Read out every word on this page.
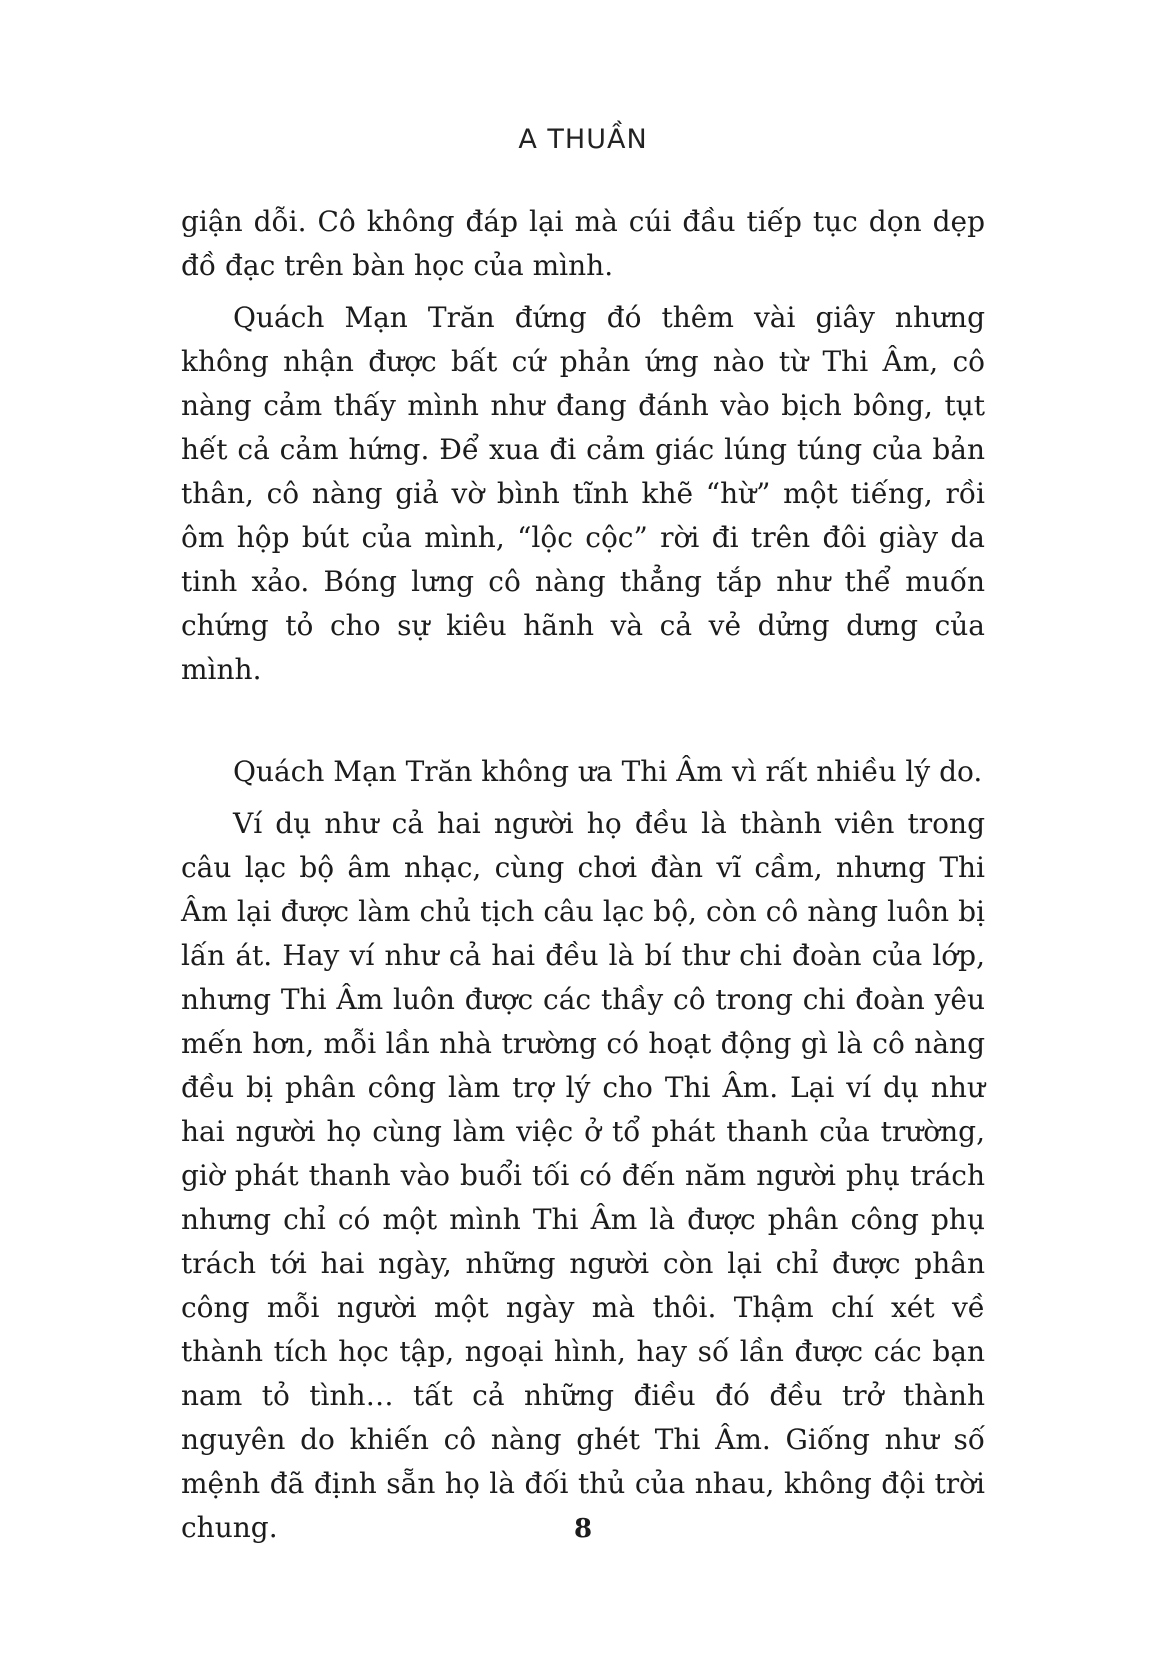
A THUẦN

giận dỗi. Cô không đáp lại mà cúi đầu tiếp tục dọn dẹp đồ đạc trên bàn học của mình.

Quách Mạn Trăn đứng đó thêm vài giây nhưng không nhận được bất cứ phản ứng nào từ Thi Âm, cô nàng cảm thấy mình như đang đánh vào bịch bông, tụt hết cả cảm hứng. Để xua đi cảm giác lúng túng của bản thân, cô nàng giả vờ bình tĩnh khẽ “hừ” một tiếng, rồi ôm hộp bút của mình, “lộc cộc” rời đi trên đôi giày da tinh xảo. Bóng lưng cô nàng thẳng tắp như thể muốn chứng tỏ cho sự kiêu hãnh và cả vẻ dửng dưng của mình.

Quách Mạn Trăn không ưa Thi Âm vì rất nhiều lý do.

Ví dụ như cả hai người họ đều là thành viên trong câu lạc bộ âm nhạc, cùng chơi đàn vĩ cầm, nhưng Thi Âm lại được làm chủ tịch câu lạc bộ, còn cô nàng luôn bị lấn át. Hay ví như cả hai đều là bí thư chi đoàn của lớp, nhưng Thi Âm luôn được các thầy cô trong chi đoàn yêu mến hơn, mỗi lần nhà trường có hoạt động gì là cô nàng đều bị phân công làm trợ lý cho Thi Âm. Lại ví dụ như hai người họ cùng làm việc ở tổ phát thanh của trường, giờ phát thanh vào buổi tối có đến năm người phụ trách nhưng chỉ có một mình Thi Âm là được phân công phụ trách tới hai ngày, những người còn lại chỉ được phân công mỗi người một ngày mà thôi. Thậm chí xét về thành tích học tập, ngoại hình, hay số lần được các bạn nam tỏ tình… tất cả những điều đó đều trở thành nguyên do khiến cô nàng ghét Thi Âm. Giống như số mệnh đã định sẵn họ là đối thủ của nhau, không đội trời chung.	8
